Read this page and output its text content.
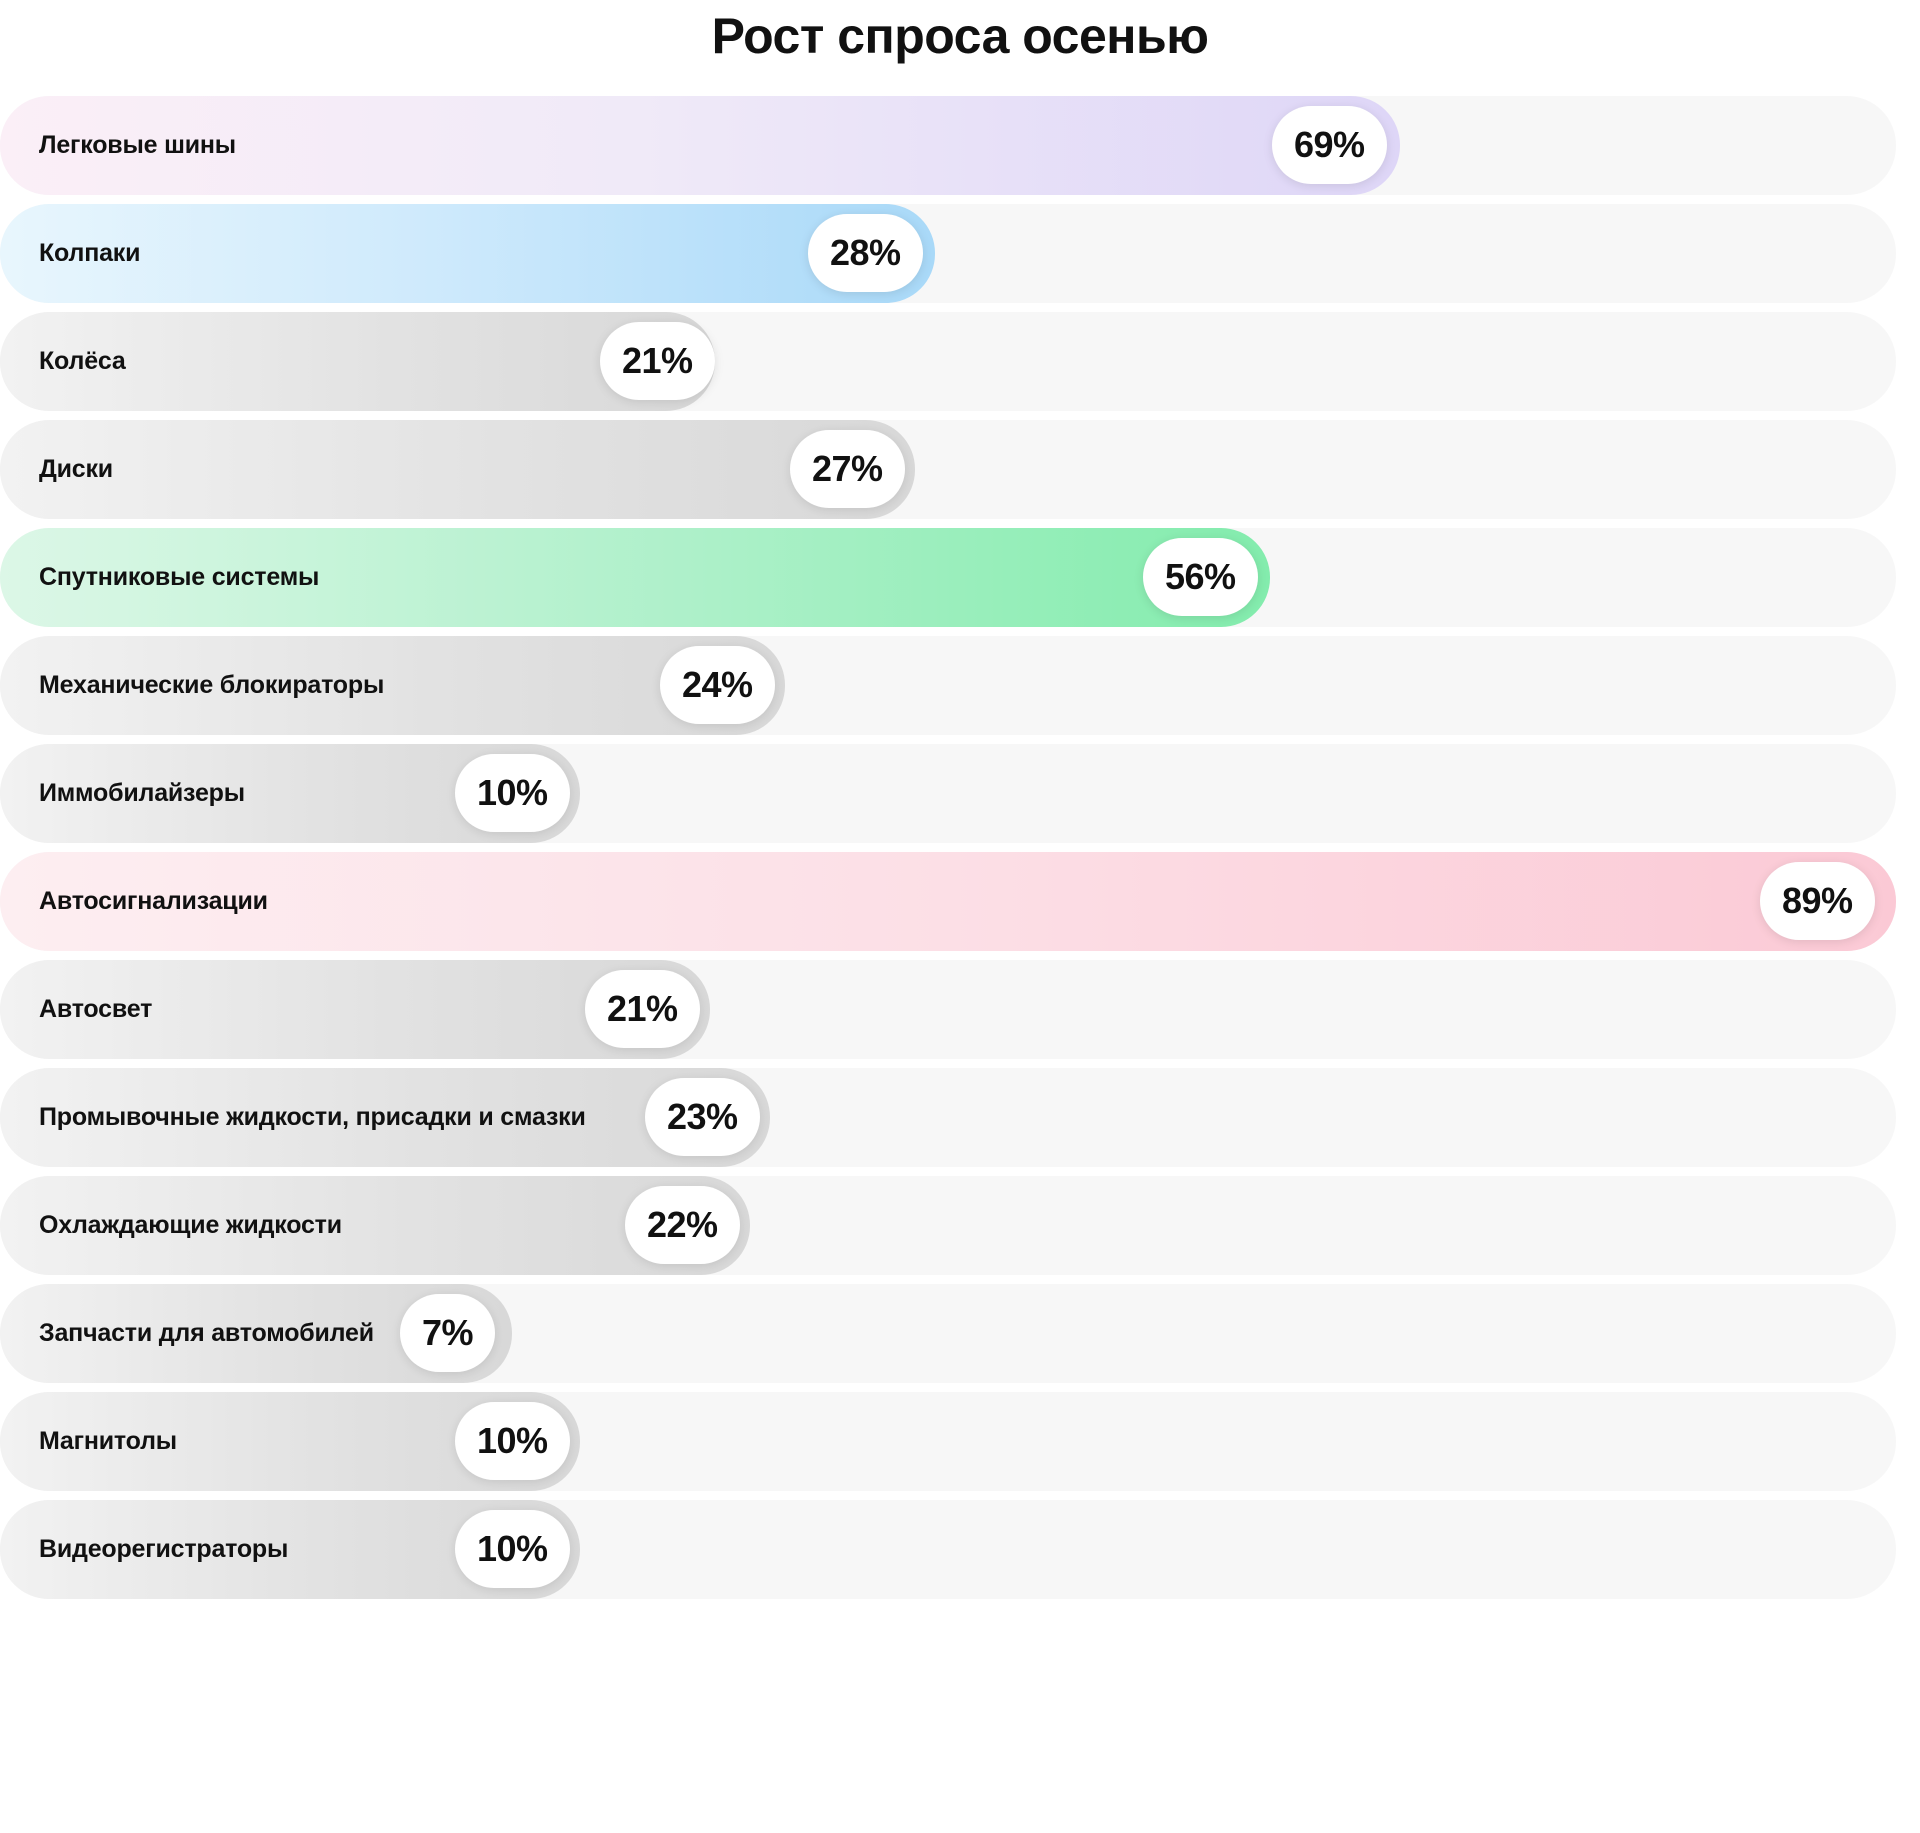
Рост спроса осенью
Легковые шины	69%
Колпаки	28%
Колёса	21%
Диски	27%
Спутниковые системы	56%
Механические блокираторы	24%
Иммобилайзеры	10%
Автосигнализации	89%
Автосвет	21%
Промывочные жидкости, присадки и смазки	23%
Охлаждающие жидкости	22%
Запчасти для автомобилей	7%
Магнитолы	10%
Видеорегистраторы	10%
